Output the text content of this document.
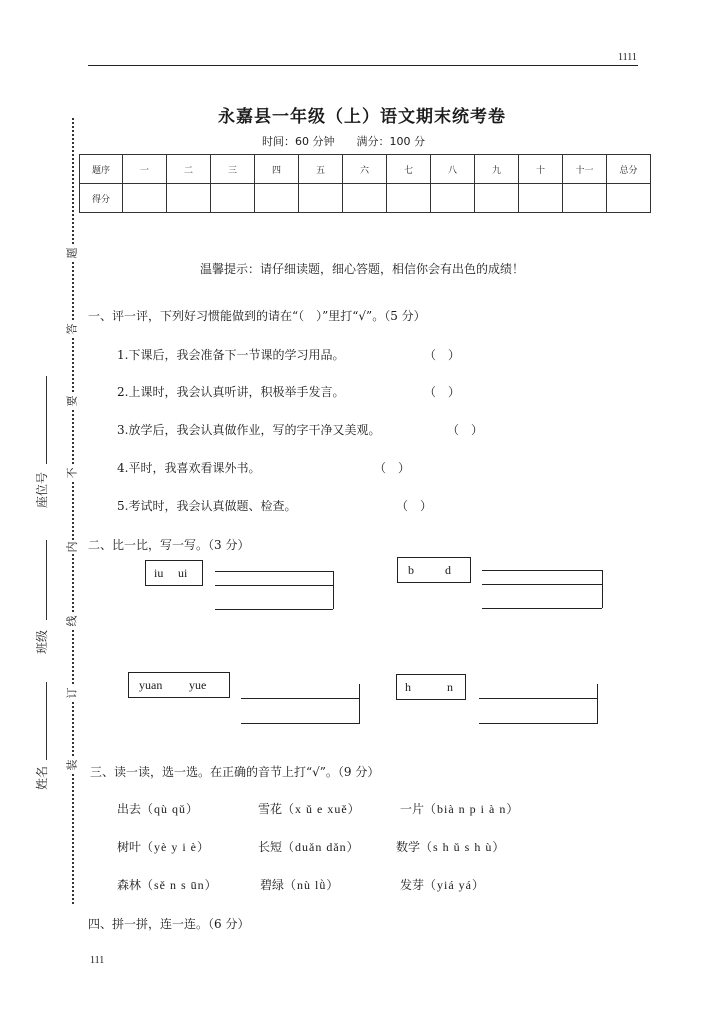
1111
永嘉县一年级（上）语文期末统考卷
时间：60 分钟 满分：100 分
题序	一	二	三	四	五	六	七	八	九	十	十一	总分
得分												
题
答
要
不
内
线
订
装
座位号
班级
姓名
温馨提示：请仔细读题，细心答题，相信你会有出色的成绩！
一、评一评，下列好习惯能做到的请在“（　）”里打“√”。（5 分）
1.下课后，我会准备下一节课的学习用品。	（　）
2.上课时，我会认真听讲，积极举手发言。	（　）
3.放学后，我会认真做作业，写的字干净又美观。	（　）
4.平时，我喜欢看课外书。	（　）
5.考试时，我会认真做题、检查。	（　）
二、比一比，写一写。（3 分）
iu ui	b	d
yuan yue	h	n
三、读一读，选一选。在正确的音节上打“√”。（9 分）
出去（qù qǔ）	雪花（x ǔ e xuě）	一片（bià n p i à n）
树叶（yè y i è）	长短（duǎn dǎn）	数学（s h ǔ s h ù）
森林（sě n s ūn）	碧绿（nù lǜ）	发芽（yiá yá）
四、拼一拼，连一连。（6 分）
111
